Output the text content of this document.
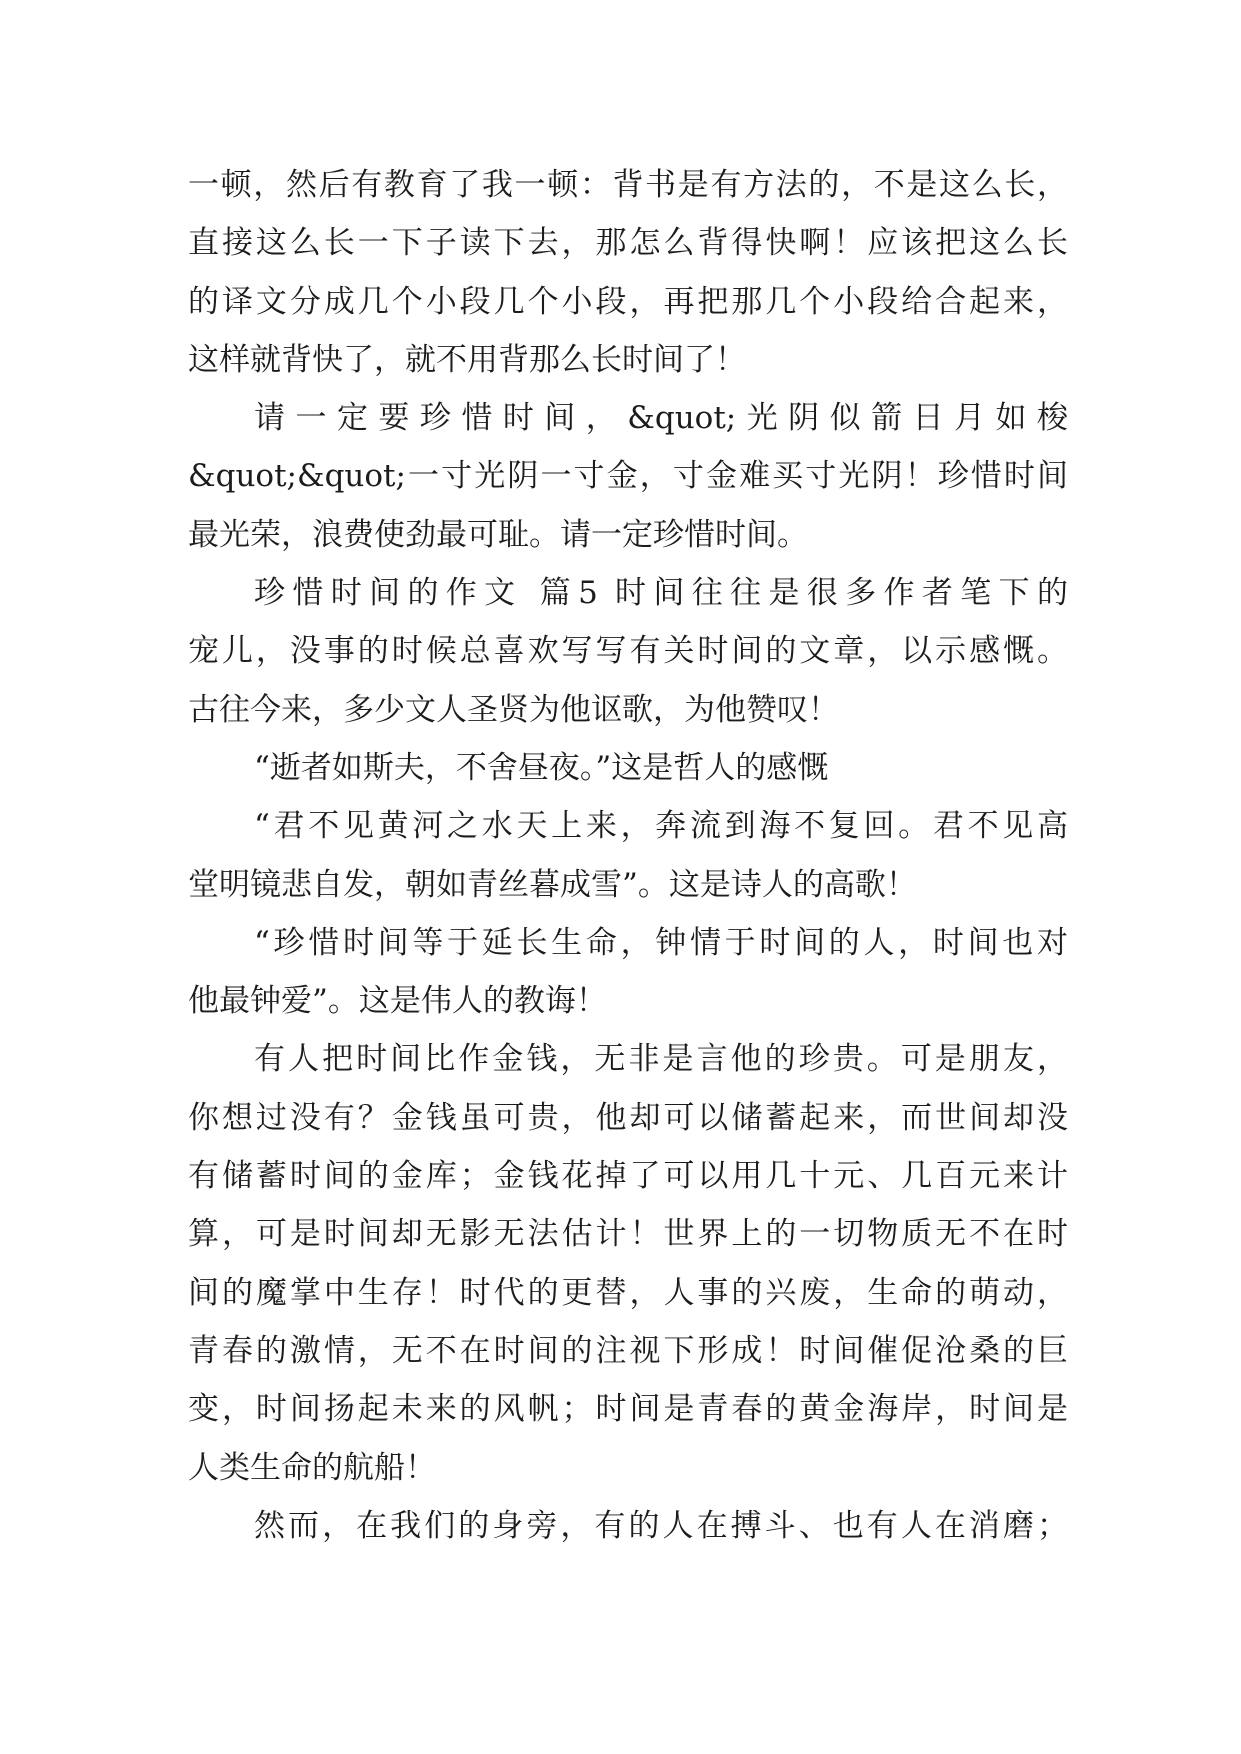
一顿，然后有教育了我一顿：背书是有方法的，不是这么长，
直接这么长一下子读下去，那怎么背得快啊！应该把这么长
的译文分成几个小段几个小段，再把那几个小段给合起来，
这样就背快了，就不用背那么长时间了！
请一定要珍惜时间，&quot;光阴似箭日月如梭
&quot;&quot;一寸光阴一寸金，寸金难买寸光阴！珍惜时间
最光荣，浪费使劲最可耻。请一定珍惜时间。
珍惜时间的作文 篇5 时间往往是很多作者笔下的
宠儿，没事的时候总喜欢写写有关时间的文章，以示感慨。
古往今来，多少文人圣贤为他讴歌，为他赞叹！
“逝者如斯夫，不舍昼夜。”这是哲人的感慨
“君不见黄河之水天上来，奔流到海不复回。君不见高
堂明镜悲自发，朝如青丝暮成雪”。这是诗人的高歌！
“珍惜时间等于延长生命，钟情于时间的人，时间也对
他最钟爱”。这是伟人的教诲！
有人把时间比作金钱，无非是言他的珍贵。可是朋友，
你想过没有？金钱虽可贵，他却可以储蓄起来，而世间却没
有储蓄时间的金库；金钱花掉了可以用几十元、几百元来计
算，可是时间却无影无法估计！世界上的一切物质无不在时
间的魔掌中生存！时代的更替，人事的兴废，生命的萌动，
青春的激情，无不在时间的注视下形成！时间催促沧桑的巨
变，时间扬起未来的风帆；时间是青春的黄金海岸，时间是
人类生命的航船！
然而，在我们的身旁，有的人在搏斗、也有人在消磨；
